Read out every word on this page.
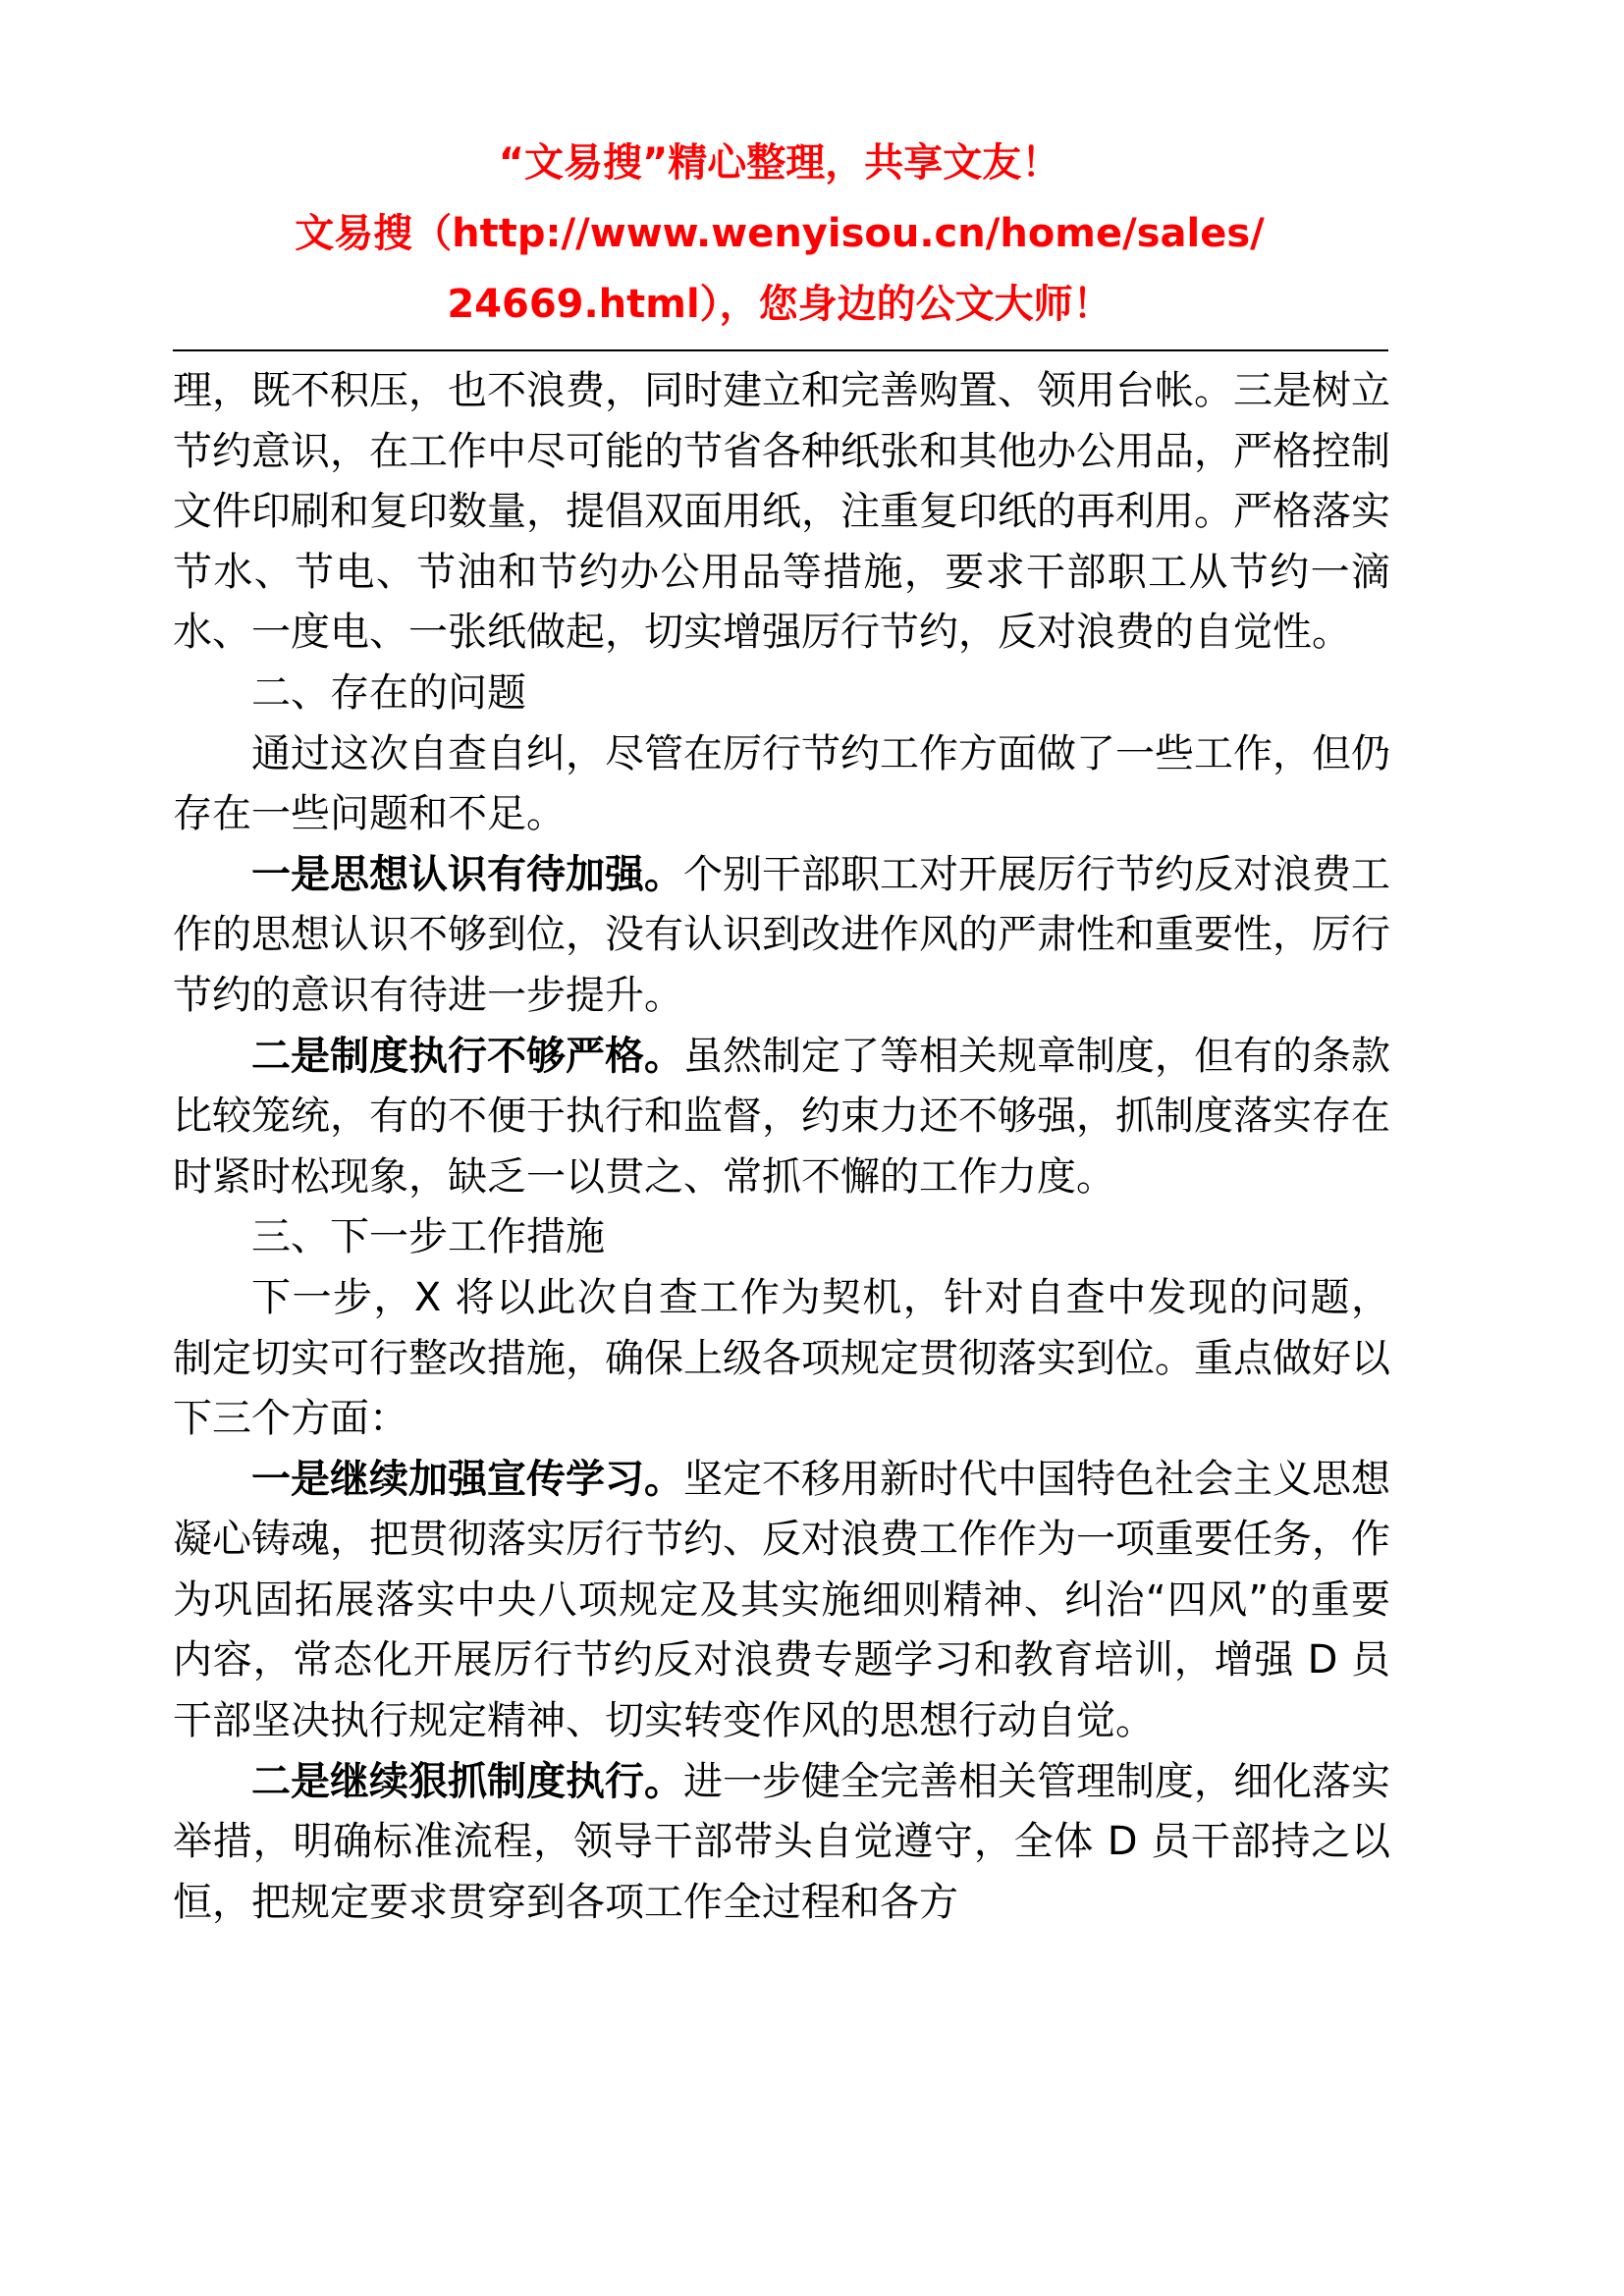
“文易搜”精心整理，共享文友！
文易搜（http://www.wenyisou.cn/home/sales/
24669.html），您身边的公文大师！

理，既不积压，也不浪费，同时建立和完善购置、领用台帐。三是树立节约意识，在工作中尽可能的节省各种纸张和其他办公用品，严格控制文件印刷和复印数量，提倡双面用纸，注重复印纸的再利用。严格落实节水、节电、节油和节约办公用品等措施，要求干部职工从节约一滴水、一度电、一张纸做起，切实增强厉行节约，反对浪费的自觉性。

二、存在的问题

通过这次自查自纠，尽管在厉行节约工作方面做了一些工作，但仍存在一些问题和不足。

一是思想认识有待加强。个别干部职工对开展厉行节约反对浪费工作的思想认识不够到位，没有认识到改进作风的严肃性和重要性，厉行节约的意识有待进一步提升。

二是制度执行不够严格。虽然制定了等相关规章制度，但有的条款比较笼统，有的不便于执行和监督，约束力还不够强，抓制度落实存在时紧时松现象，缺乏一以贯之、常抓不懈的工作力度。

三、下一步工作措施

下一步，X 将以此次自查工作为契机，针对自查中发现的问题，制定切实可行整改措施，确保上级各项规定贯彻落实到位。重点做好以下三个方面：

一是继续加强宣传学习。坚定不移用新时代中国特色社会主义思想凝心铸魂，把贯彻落实厉行节约、反对浪费工作作为一项重要任务，作为巩固拓展落实中央八项规定及其实施细则精神、纠治“四风”的重要内容，常态化开展厉行节约反对浪费专题学习和教育培训，增强 D 员干部坚决执行规定精神、切实转变作风的思想行动自觉。

二是继续狠抓制度执行。进一步健全完善相关管理制度，细化落实举措，明确标准流程，领导干部带头自觉遵守，全体 D 员干部持之以恒，把规定要求贯穿到各项工作全过程和各方
